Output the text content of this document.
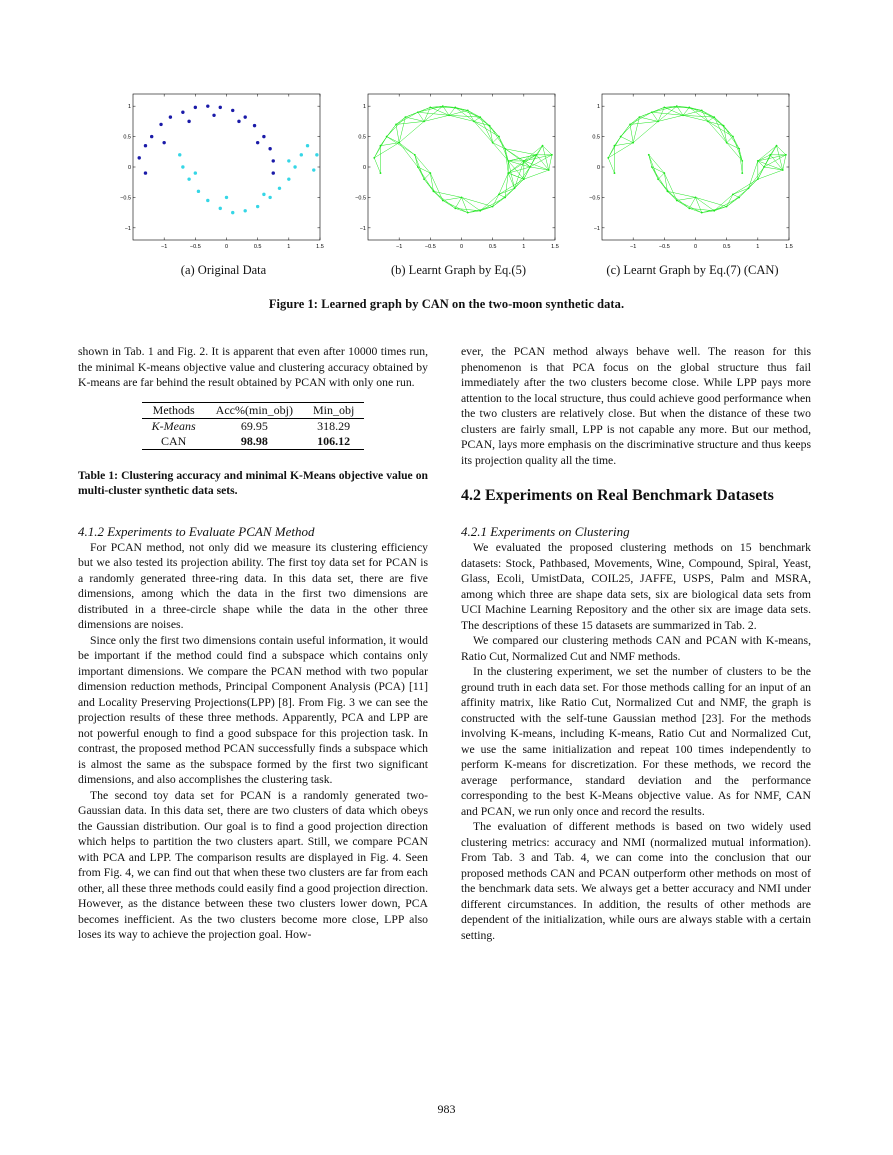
−1	−0.5	0	0.5	1	1.5
1
0.5
0
−0.5
−1
−1	−0.5	0	0.5	1	1.5
1
0.5
0
−0.5
−1
−1	−0.5	0	0.5	1	1.5
1
0.5
0
−0.5
−1
(a) Original Data	(b) Learnt Graph by Eq.(5)	(c) Learnt Graph by Eq.(7) (CAN)
Figure 1: Learned graph by CAN on the two-moon synthetic data.

shown in Tab. 1 and Fig. 2. It is apparent that even after 10000 times run, the minimal K-means objective value and clustering accuracy obtained by K-means are far behind the result obtained by PCAN with only one run.

Methods	Acc%(min_obj)	Min_obj
K-Means	69.95	318.29
CAN	98.98	106.12
Table 1: Clustering accuracy and minimal K-Means objective value on multi-cluster synthetic data sets.
4.1.2 Experiments to Evaluate PCAN Method

For PCAN method, not only did we measure its clustering efficiency but we also tested its projection ability. The first toy data set for PCAN is a randomly generated three-ring data. In this data set, there are five dimensions, among which the data in the first two dimensions are distributed in a three-circle shape while the data in the other three dimensions are noises.

Since only the first two dimensions contain useful information, it would be important if the method could find a subspace which contains only important dimensions. We compare the PCAN method with two popular dimension reduction methods, Principal Component Analysis (PCA) [11] and Locality Preserving Projections(LPP) [8]. From Fig. 3 we can see the projection results of these three methods. Apparently, PCA and LPP are not powerful enough to find a good subspace for this projection task. In contrast, the proposed method PCAN successfully finds a subspace which is almost the same as the subspace formed by the first two significant dimensions, and also accomplishes the clustering task.

The second toy data set for PCAN is a randomly generated two-Gaussian data. In this data set, there are two clusters of data which obeys the Gaussian distribution. Our goal is to find a good projection direction which helps to partition the two clusters apart. Still, we compare PCAN with PCA and LPP. The comparison results are displayed in Fig. 4. Seen from Fig. 4, we can find out that when these two clusters are far from each other, all these three methods could easily find a good projection direction. However, as the distance between these two clusters lower down, PCA becomes inefficient. As the two clusters become more close, LPP also loses its way to achieve the projection goal. How-

ever, the PCAN method always behave well. The reason for this phenomenon is that PCA focus on the global structure thus fail immediately after the two clusters become close. While LPP pays more attention to the local structure, thus could achieve good performance when the two clusters are relatively close. But when the distance of these two clusters are fairly small, LPP is not capable any more. But our method, PCAN, lays more emphasis on the discriminative structure and thus keeps its projection quality all the time.

4.2 Experiments on Real Benchmark Datasets
4.2.1 Experiments on Clustering

We evaluated the proposed clustering methods on 15 benchmark datasets: Stock, Pathbased, Movements, Wine, Compound, Spiral, Yeast, Glass, Ecoli, UmistData, COIL25, JAFFE, USPS, Palm and MSRA, among which three are shape data sets, six are biological data sets from UCI Machine Learning Repository and the other six are image data sets. The descriptions of these 15 datasets are summarized in Tab. 2.

We compared our clustering methods CAN and PCAN with K-means, Ratio Cut, Normalized Cut and NMF methods.

In the clustering experiment, we set the number of clusters to be the ground truth in each data set. For those methods calling for an input of an affinity matrix, like Ratio Cut, Normalized Cut and NMF, the graph is constructed with the self-tune Gaussian method [23]. For the methods involving K-means, including K-means, Ratio Cut and Normalized Cut, we use the same initialization and repeat 100 times independently to perform K-means for discretization. For these methods, we record the average performance, standard deviation and the performance corresponding to the best K-Means objective value. As for NMF, CAN and PCAN, we run only once and record the results.

The evaluation of different methods is based on two widely used clustering metrics: accuracy and NMI (normalized mutual information). From Tab. 3 and Tab. 4, we can come into the conclusion that our proposed methods CAN and PCAN outperform other methods on most of the benchmark data sets. We always get a better accuracy and NMI under different circumstances. In addition, the results of other methods are dependent of the initialization, while ours are always stable with a certain setting.

983
